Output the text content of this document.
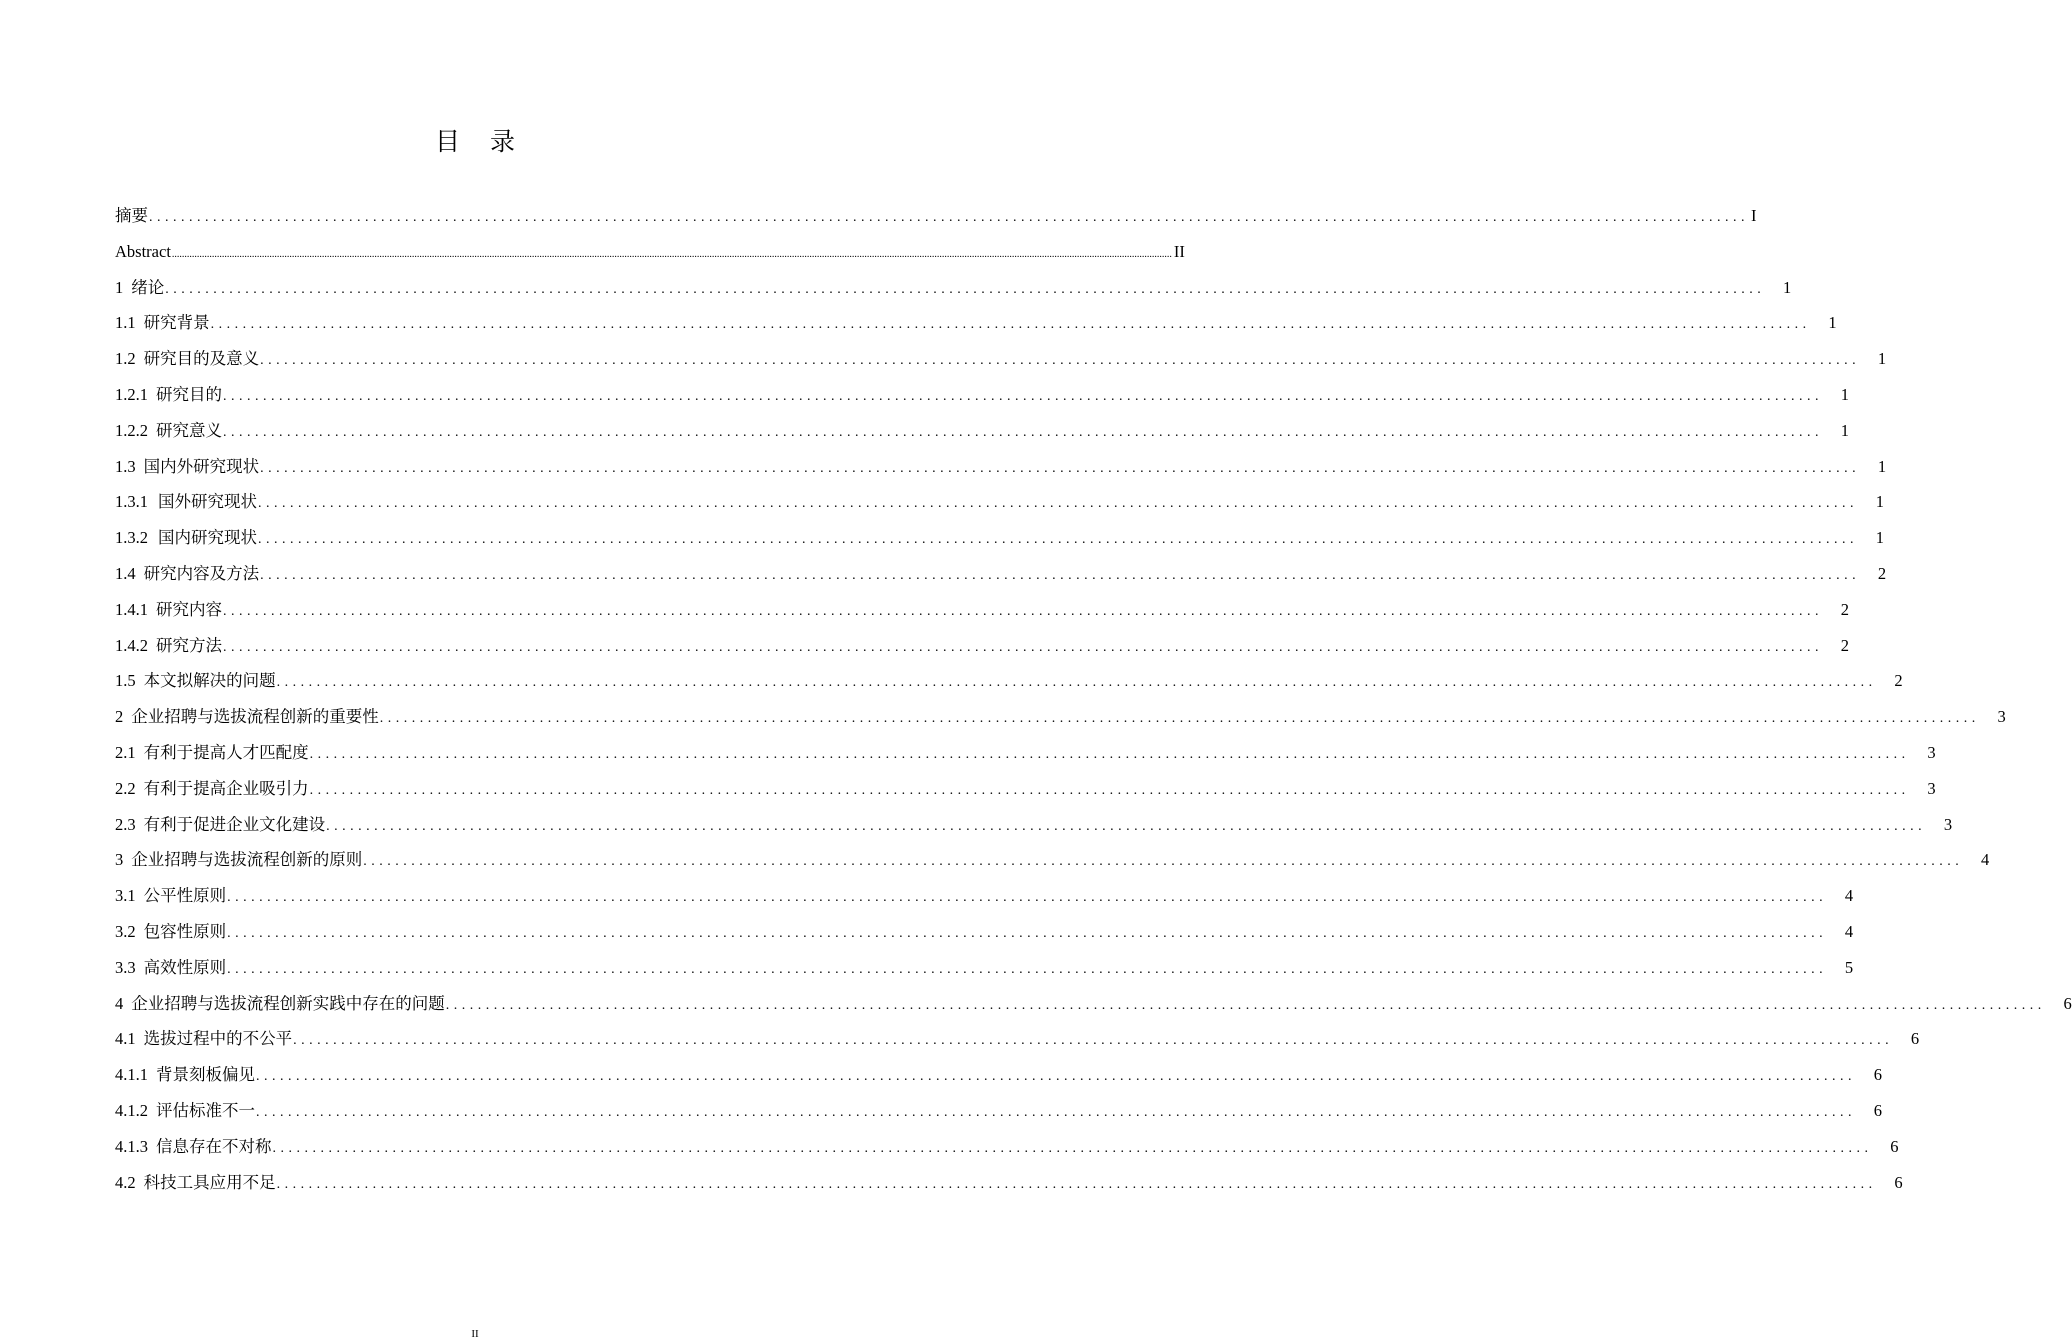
目 录
摘要 ........................................................................................................................................................................................................ I
Abstract ................................................................................................................................................................................................................................................................................................................................................................................................................ II
1 绪论 ........................................................................................................................................................................................................	1
1.1 研究背景 ........................................................................................................................................................................................................	1
1.2 研究目的及意义 ........................................................................................................................................................................................................	1
1.2.1 研究目的 ........................................................................................................................................................................................................	1
1.2.2 研究意义 ........................................................................................................................................................................................................	1
1.3 国内外研究现状 ........................................................................................................................................................................................................	1
1.3.1 国外研究现状 ........................................................................................................................................................................................................	1
1.3.2 国内研究现状 ........................................................................................................................................................................................................	1
1.4 研究内容及方法 ........................................................................................................................................................................................................	2
1.4.1 研究内容 ........................................................................................................................................................................................................	2
1.4.2 研究方法 ........................................................................................................................................................................................................	2
1.5 本文拟解决的问题 ........................................................................................................................................................................................................	2
2 企业招聘与选拔流程创新的重要性 ........................................................................................................................................................................................................	3
2.1 有利于提高人才匹配度 ........................................................................................................................................................................................................	3
2.2 有利于提高企业吸引力 ........................................................................................................................................................................................................	3
2.3 有利于促进企业文化建设 ........................................................................................................................................................................................................	3
3 企业招聘与选拔流程创新的原则 ........................................................................................................................................................................................................	4
3.1 公平性原则 ........................................................................................................................................................................................................	4
3.2 包容性原则 ........................................................................................................................................................................................................	4
3.3 高效性原则 ........................................................................................................................................................................................................	5
4 企业招聘与选拔流程创新实践中存在的问题 ........................................................................................................................................................................................................	6
4.1 选拔过程中的不公平 ........................................................................................................................................................................................................	6
4.1.1 背景刻板偏见 ........................................................................................................................................................................................................	6
4.1.2 评估标准不一 ........................................................................................................................................................................................................	6
4.1.3 信息存在不对称 ........................................................................................................................................................................................................	6
4.2 科技工具应用不足 ........................................................................................................................................................................................................	6
II
